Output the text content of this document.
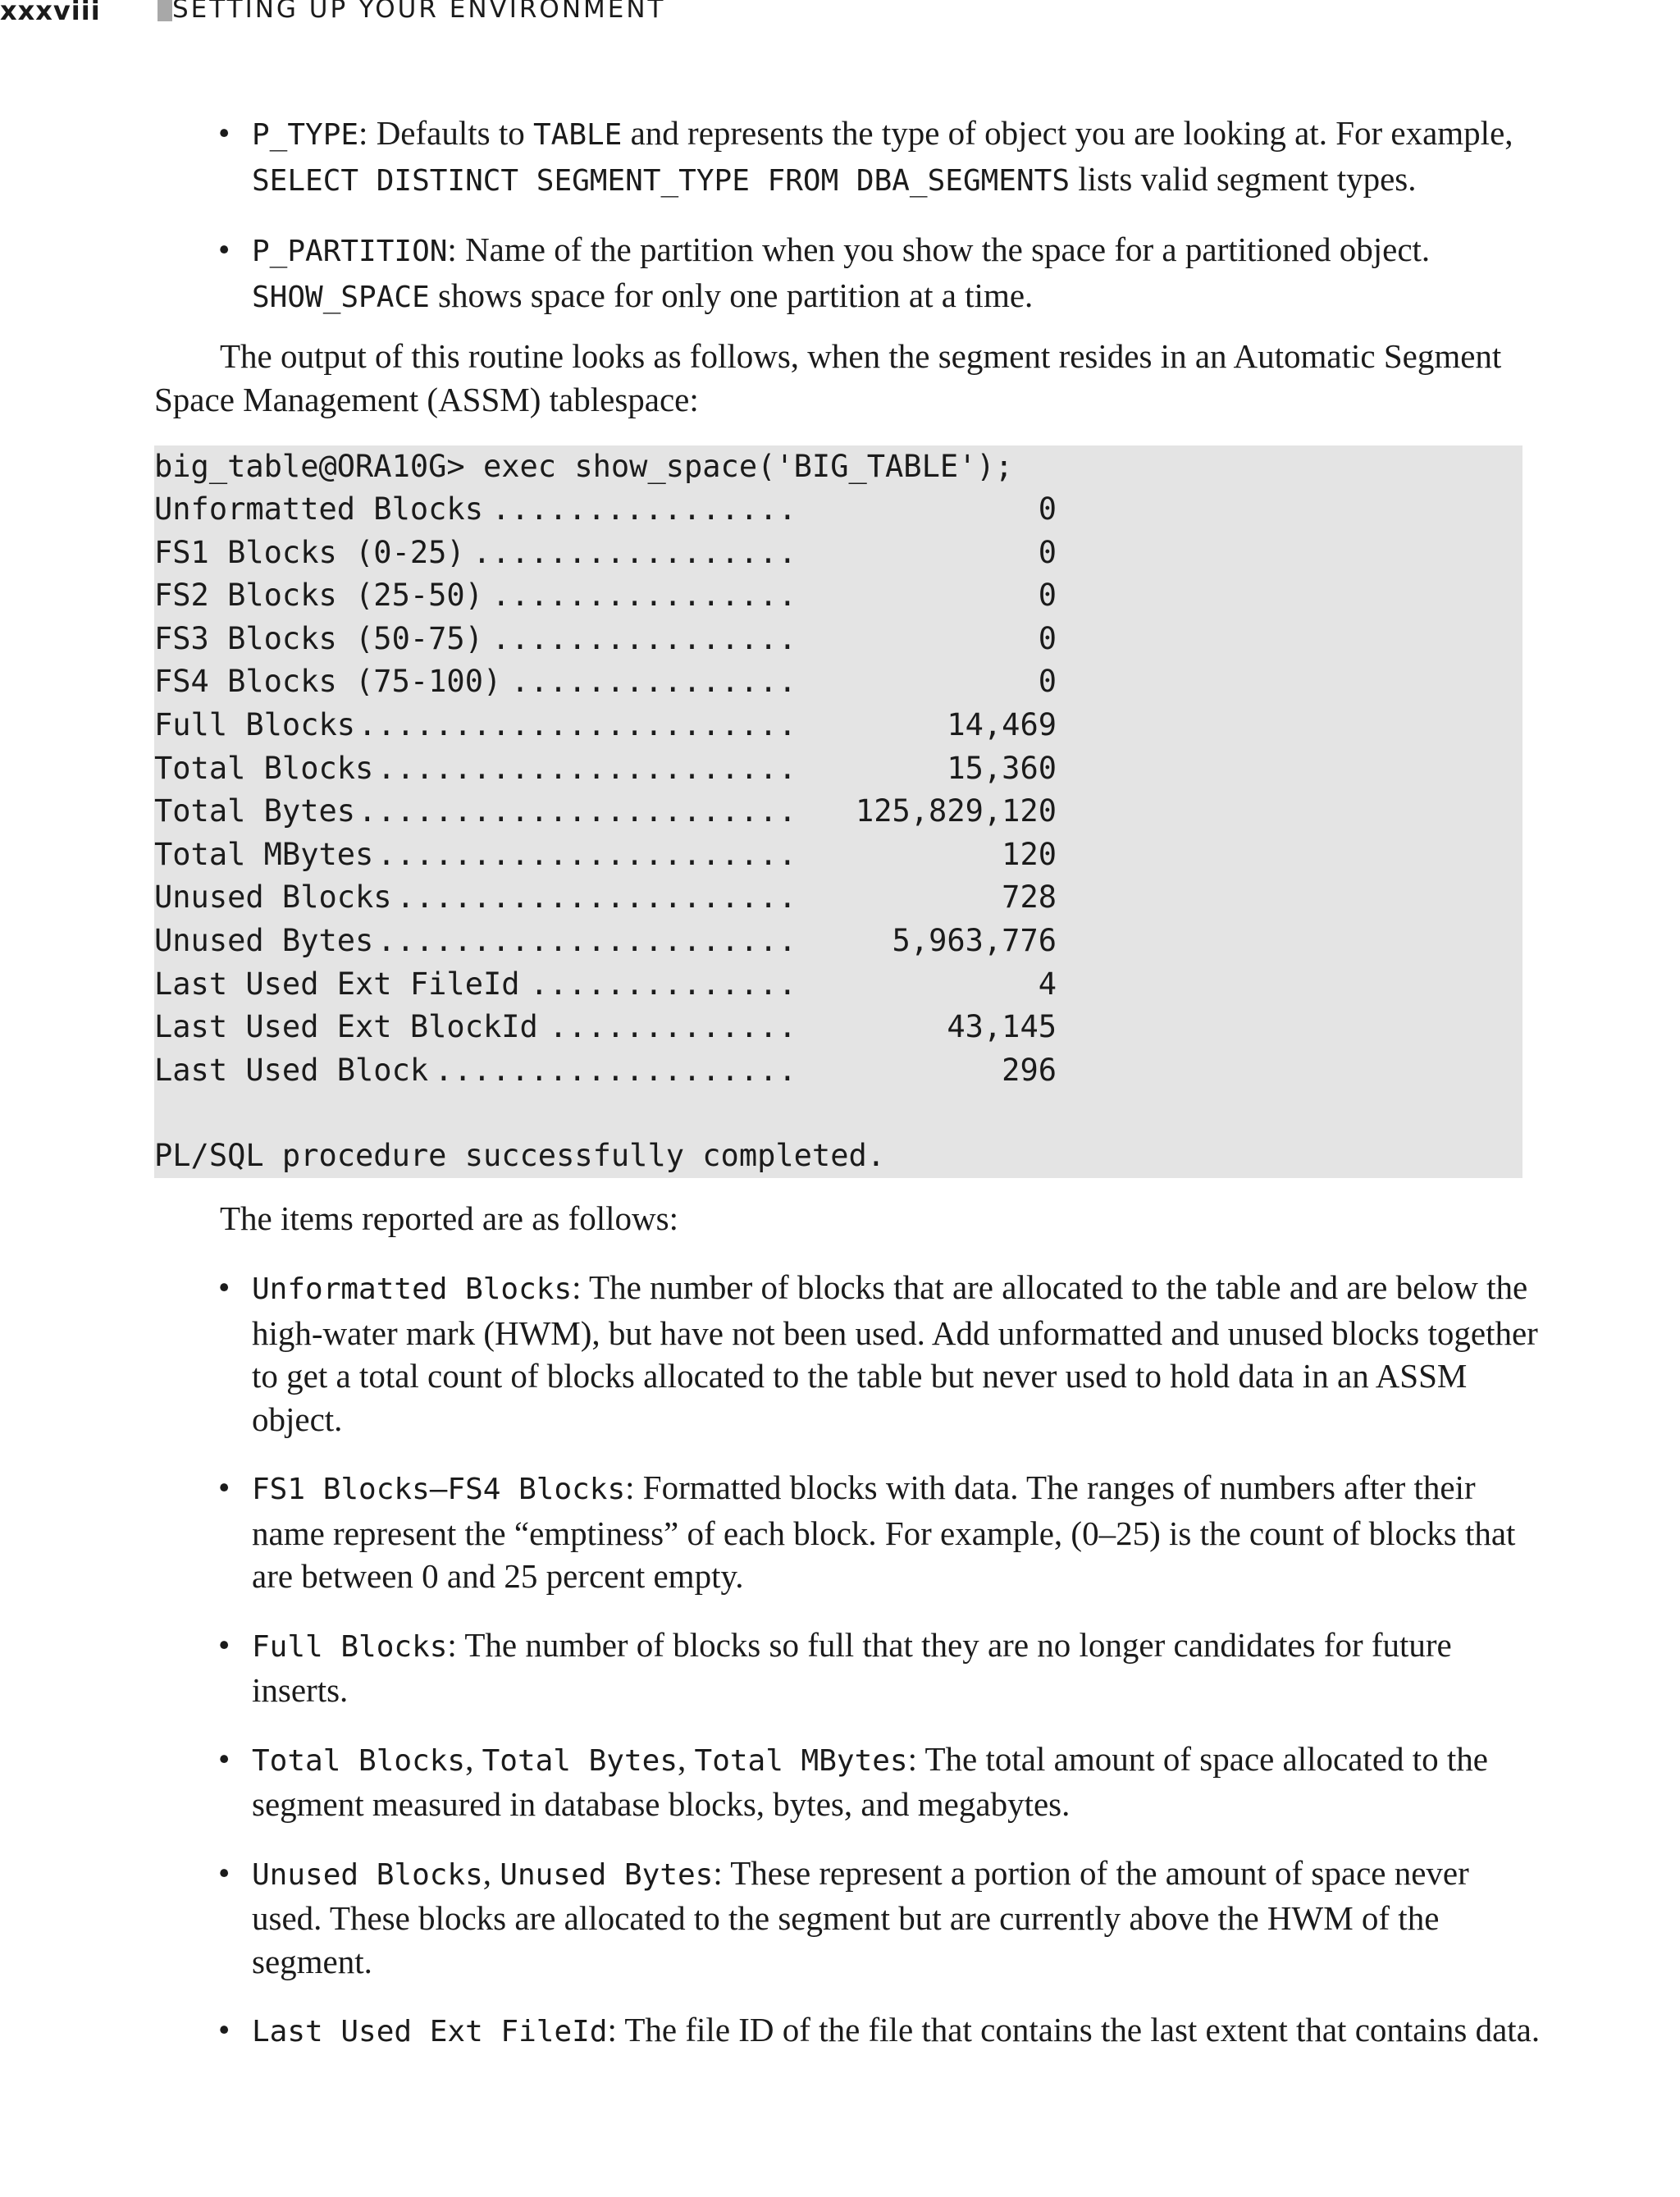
xxxviii	SETTING UP YOUR ENVIRONMENT
• P_TYPE: Defaults to TABLE and represents the type of object you are looking at. For example, SELECT DISTINCT SEGMENT_TYPE FROM DBA_SEGMENTS lists valid segment types.
• P_PARTITION: Name of the partition when you show the space for a partitioned object. SHOW_SPACE shows space for only one partition at a time.

The output of this routine looks as follows, when the segment resides in an Automatic Segment Space Management (ASSM) tablespace:

big_table@ORA10G> exec show_space('BIG_TABLE');
................
Unformatted Blocks	0
.................
FS1 Blocks (0-25)	0
................
FS2 Blocks (25-50)	0
................
FS3 Blocks (50-75)	0
...............
FS4 Blocks (75-100)	0
.......................
Full Blocks	14,469
......................
Total Blocks	15,360
.......................
Total Bytes	125,829,120
......................
Total MBytes	120
.....................
Unused Blocks	728
......................
Unused Bytes	5,963,776
..............
Last Used Ext FileId	4
.............
Last Used Ext BlockId	43,145
...................
Last Used Block	296
PL/SQL procedure successfully completed.

The items reported are as follows:

• Unformatted Blocks: The number of blocks that are allocated to the table and are below the high-water mark (HWM), but have not been used. Add unformatted and unused blocks together to get a total count of blocks allocated to the table but never used to hold data in an ASSM object.
• FS1 Blocks–FS4 Blocks: Formatted blocks with data. The ranges of numbers after their name represent the “emptiness” of each block. For example, (0–25) is the count of blocks that are between 0 and 25 percent empty.
• Full Blocks: The number of blocks so full that they are no longer candidates for future inserts.
• Total Blocks, Total Bytes, Total MBytes: The total amount of space allocated to the segment measured in database blocks, bytes, and megabytes.
• Unused Blocks, Unused Bytes: These represent a portion of the amount of space never used. These blocks are allocated to the segment but are currently above the HWM of the segment.
• Last Used Ext FileId: The file ID of the file that contains the last extent that contains data.
